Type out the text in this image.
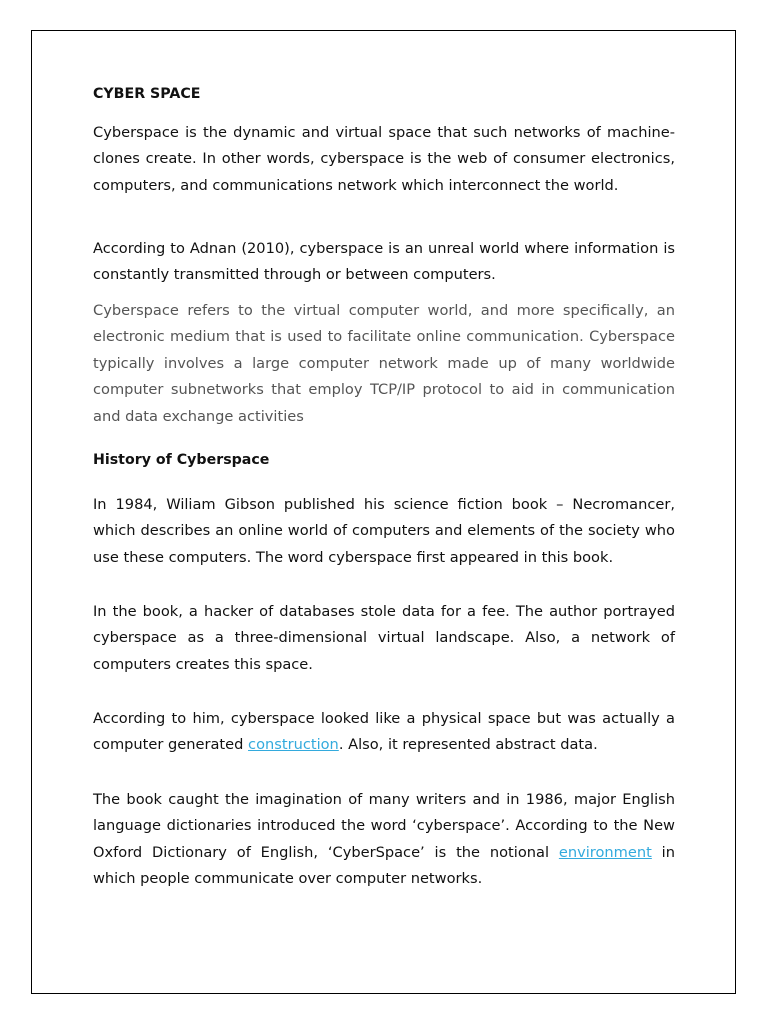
CYBER SPACE

Cyberspace is the dynamic and virtual space that such networks of machine-clones create. In other words, cyberspace is the web of consumer electronics, computers, and communications network which interconnect the world.

According to Adnan (2010), cyberspace is an unreal world where information is constantly transmitted through or between computers.

Cyberspace refers to the virtual computer world, and more specifically, an electronic medium that is used to facilitate online communication. Cyberspace typically involves a large computer network made up of many worldwide computer subnetworks that employ TCP/IP protocol to aid in communication and data exchange activities

History of Cyberspace

In 1984, Wiliam Gibson published his science fiction book – Necromancer, which describes an online world of computers and elements of the society who use these computers. The word cyberspace first appeared in this book.

In the book, a hacker of databases stole data for a fee. The author portrayed cyberspace as a three-dimensional virtual landscape. Also, a network of computers creates this space.

According to him, cyberspace looked like a physical space but was actually a computer generated construction. Also, it represented abstract data.

The book caught the imagination of many writers and in 1986, major English language dictionaries introduced the word ‘cyberspace’. According to the New Oxford Dictionary of English, ‘CyberSpace’ is the notional environment in which people communicate over computer networks.
